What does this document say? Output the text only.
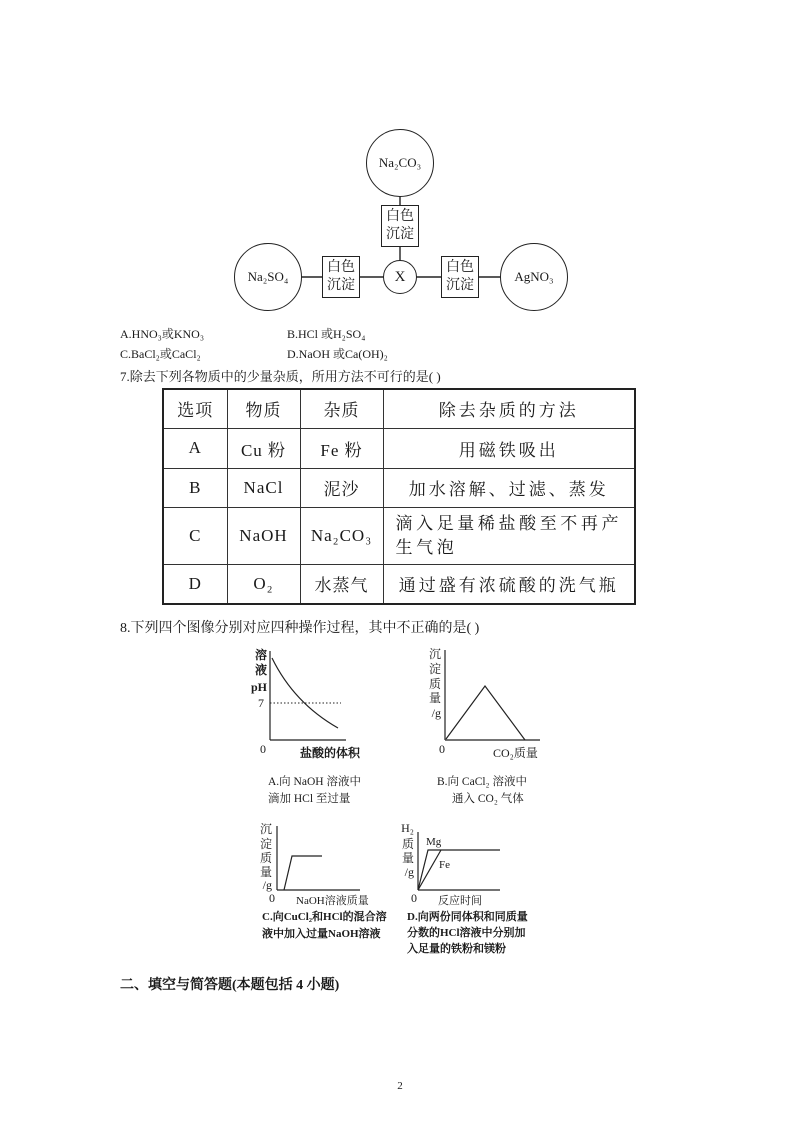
溶
液
pH
7
0	盐酸的体积
A.向 NaOH 溶液中
滴加 HCl 至过量
沉
淀
质
量
/g
0	CO₂质量
B.向 CaCl₂ 溶液中
通入 CO₂ 气体
沉
淀
质
量
/g
0 NaOH溶液质量
C.向CuCl₂和HCl的混合溶
液中加入过量NaOH溶液
H₂
质
量
/g
Mg
Fe
0 反应时间
D.向两份同体积和同质量
分数的HCl溶液中分别加
入足量的铁粉和镁粉
Na₂CO₃
白色沉淀
X
白色沉淀
Na₂SO₄
白色沉淀
AgNO₃
A.HNO₃或KNO₃	B.HCl 或H₂SO₄
C.BaCl₂或CaCl₂	D.NaOH 或Ca(OH)₂
7.除去下列各物质中的少量杂质，所用方法不可行的是( )
选项	物质	杂质	除去杂质的方法
A	Cu 粉	Fe 粉	用磁铁吸出
B	NaCl	泥沙	加水溶解、过滤、蒸发
C	NaOH	Na₂CO₃	滴入足量稀盐酸至不再产生气泡
D	O₂	水蒸气	通过盛有浓硫酸的洗气瓶
8.下列四个图像分别对应四种操作过程，其中不正确的是( )
二、填空与简答题(本题包括 4 小题)
2
